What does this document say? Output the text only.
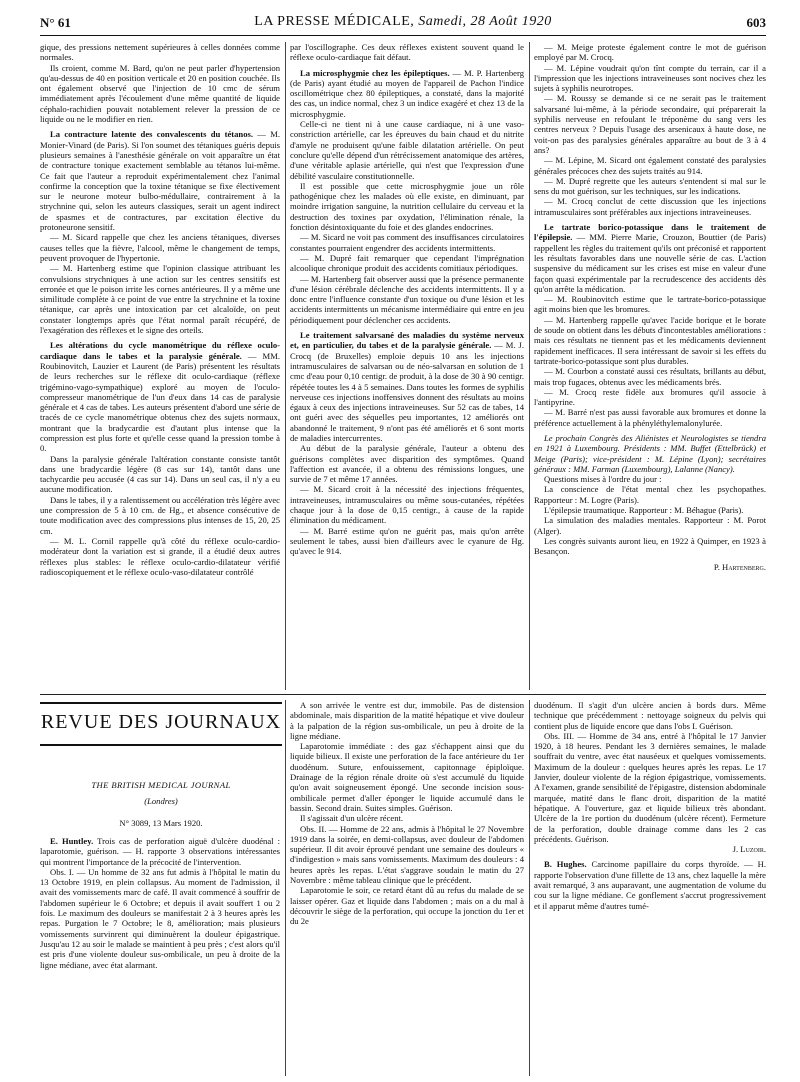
N° 61	LA PRESSE MÉDICALE, Samedi, 28 Août 1920	603

gique, des pressions nettement supérieures à celles données comme normales.

Ils croient, comme M. Bard, qu'on ne peut parler d'hypertension qu'au-dessus de 40 en position verticale et 20 en position couchée. Ils ont également observé que l'injection de 10 cmc de sérum immédiatement après l'écoulement d'une même quantité de liquide céphalo-rachidien pouvait notablement relever la pression de ce liquide ou ne le modifier en rien.

La contracture latente des convalescents du tétanos. — M. Monier-Vinard (de Paris). Si l'on soumet des tétaniques guéris depuis plusieurs semaines à l'anesthésie générale on voit apparaître un état de contracture tonique exactement semblable au tétanos lui-même. Ce fait que l'auteur a reproduit expérimentalement chez l'animal confirme la conception que la toxine tétanique se fixe électivement sur le neurone moteur bulbo-médullaire, contrairement à la strychnine qui, selon les auteurs classiques, serait un agent indirect de spasmes et de contractures, par excitation élective du protoneurone sensitif.

— M. Sicard rappelle que chez les anciens tétaniques, diverses causes telles que la fièvre, l'alcool, même le changement de temps, peuvent provoquer de l'hypertonie.

— M. Hartenberg estime que l'opinion classique attribuant les convulsions strychniques à une action sur les centres sensitifs est erronée et que le poison irrite les cornes antérieures. Il y a même une similitude complète à ce point de vue entre la strychnine et la toxine tétanique, car après une intoxication par cet alcaloïde, on peut constater longtemps après que l'état normal paraît récupéré, de l'exagération des réflexes et le signe des orteils.

Les altérations du cycle manométrique du réflexe oculo-cardiaque dans le tabes et la paralysie générale. — MM. Roubinovitch, Lauzier et Laurent (de Paris) présentent les résultats de leurs recherches sur le réflexe dit oculo-cardiaque (réflexe trigémino-vago-sympathique) exploré au moyen de l'oculo-compresseur manométrique de l'un d'eux dans 14 cas de paralysie générale et 4 cas de tabes. Les auteurs présentent d'abord une série de tracés de ce cycle manométrique obtenus chez des sujets normaux, montrant que la bradycardie est d'autant plus intense que la compression est plus forte et qu'elle cesse quand la pression tombe à 0.

Dans la paralysie générale l'altération constante consiste tantôt dans une bradycardie légère (8 cas sur 14), tantôt dans une tachycardie peu accusée (4 cas sur 14). Dans un seul cas, il n'y a eu aucune modification.

Dans le tabes, il y a ralentissement ou accélération très légère avec une compression de 5 à 10 cm. de Hg., et absence consécutive de toute modification avec des compressions plus intenses de 15, 20, 25 cm.

— M. L. Cornil rappelle qu'à côté du réflexe oculo-cardio-modérateur dont la variation est si grande, il a étudié deux autres réflexes plus stables: le réflexe oculo-cardio-dilatateur vérifié radioscopiquement et le réflexe oculo-vaso-dilatateur contrôlé

par l'oscillographe. Ces deux réflexes existent souvent quand le réflexe oculo-cardiaque fait défaut.

La microsphygmie chez les épileptiques. — M. P. Hartenberg (de Paris) ayant étudié au moyen de l'appareil de Pachon l'indice oscillométrique chez 80 épileptiques, a constaté, dans la majorité des cas, un indice normal, chez 3 un indice exagéré et chez 13 de la microsphygmie.

Celle-ci ne tient ni à une cause cardiaque, ni à une vaso-constriction artérielle, car les épreuves du bain chaud et du nitrite d'amyle ne produisent qu'une faible dilatation artérielle. On peut conclure qu'elle dépend d'un rétrécissement anatomique des artères, d'une véritable aplasie artérielle, qui n'est que l'expression d'une débilité vasculaire constitutionnelle.

Il est possible que cette microsphygmie joue un rôle pathogénique chez les malades où elle existe, en diminuant, par moindre irrigation sanguine, la nutrition cellulaire du cerveau et la destruction des toxines par oxydation, l'élimination rénale, la fonction désintoxiquante du foie et des glandes endocrines.

— M. Sicard ne voit pas comment des insuffisances circulatoires constantes pourraient engendrer des accidents intermittents.

— M. Dupré fait remarquer que cependant l'imprégnation alcoolique chronique produit des accidents comitiaux périodiques.

— M. Hartenberg fait observer aussi que la présence permanente d'une lésion cérébrale déclenche des accidents intermittents. Il y a donc entre l'influence constante d'un toxique ou d'une lésion et les accidents intermittents un mécanisme intermédiaire qui entre en jeu périodiquement pour déclencher ces accidents.

Le traitement salvarsané des maladies du système nerveux et, en particulier, du tabes et de la paralysie générale. — M. J. Crocq (de Bruxelles) emploie depuis 10 ans les injections intramusculaires de salvarsan ou de néo-salvarsan en solution de 1 cmc d'eau pour 0,10 centigr. de produit, à la dose de 30 à 90 centigr. répétée toutes les 4 à 5 semaines. Dans toutes les formes de syphilis nerveuse ces injections inoffensives donnent des résultats au moins égaux à ceux des injections intraveineuses. Sur 52 cas de tabes, 14 ont guéri avec des séquelles peu importantes, 12 améliorés ont abandonné le traitement, 9 n'ont pas été améliorés et 6 sont morts de maladies intercurrentes.

Au début de la paralysie générale, l'auteur a obtenu des guérisons complètes avec disparition des symptômes. Quand l'affection est avancée, il a obtenu des rémissions longues, une survie de 7 et même 17 années.

— M. Sicard croit à la nécessité des injections fréquentes, intraveineuses, intramusculaires ou même sous-cutanées, répétées chaque jour à la dose de 0,15 centigr., à cause de la rapide élimination du médicament.

— M. Barré estime qu'on ne guérit pas, mais qu'on arrête seulement le tabes, aussi bien d'ailleurs avec le cyanure de Hg. qu'avec le 914.

— M. Meige proteste également contre le mot de guérison employé par M. Crocq.

— M. Lépine voudrait qu'on tînt compte du terrain, car il a l'impression que les injections intraveineuses sont nocives chez les sujets à syphilis neurotropes.

— M. Roussy se demande si ce ne serait pas le traitement salvarsané lui-même, à la période secondaire, qui préparerait la syphilis nerveuse en refoulant le tréponème du sang vers les centres nerveux ? Depuis l'usage des arsenicaux à haute dose, ne voit-on pas des paralysies générales apparaître au bout de 3 à 4 ans?

— M. Lépine, M. Sicard ont également constaté des paralysies générales précoces chez des sujets traités au 914.

— M. Dupré regrette que les auteurs s'entendent si mal sur le sens du mot guérison, sur les techniques, sur les indications.

— M. Crocq conclut de cette discussion que les injections intramusculaires sont préférables aux injections intraveineuses.

Le tartrate borico-potassique dans le traitement de l'épilepsie. — MM. Pierre Marie, Crouzon, Bouttier (de Paris) rappellent les règles du traitement qu'ils ont préconisé et rapportent les résultats favorables dans une nouvelle série de cas. L'action suspensive du médicament sur les crises est mise en valeur d'une façon quasi expérimentale par la recrudescence des accidents dès qu'on arrête la médication.

— M. Roubinovitch estime que le tartrate-borico-potassique agit moins bien que les bromures.

— M. Hartenberg rappelle qu'avec l'acide borique et le borate de soude on obtient dans les débuts d'incontestables améliorations : mais ces résultats ne tiennent pas et les médicaments deviennent rapidement inefficaces. Il sera intéressant de savoir si les effets du tartrate-borico-potassique sont plus durables.

— M. Courbon a constaté aussi ces résultats, brillants au début, mais trop fugaces, obtenus avec les médicaments brés.

— M. Crocq reste fidèle aux bromures qu'il associe à l'antipyrine.

— M. Barré n'est pas aussi favorable aux bromures et donne la préférence actuellement à la phényléthylemalonylurée.

Le prochain Congrès des Aliénistes et Neurologistes se tiendra en 1921 à Luxembourg. Présidents : MM. Buffet (Ettelbrück) et Meige (Paris); vice-président : M. Lépine (Lyon); secrétaires généraux : MM. Farman (Luxembourg), Lalanne (Nancy).

Questions mises à l'ordre du jour :

La conscience de l'état mental chez les psychopathes. Rapporteur : M. Logre (Paris).

L'épilepsie traumatique. Rapporteur : M. Béhague (Paris).

La simulation des maladies mentales. Rapporteur : M. Porot (Alger).

Les congrès suivants auront lieu, en 1922 à Quimper, en 1923 à Besançon.

P. Hartenberg.

REVUE DES JOURNAUX
THE BRITISH MEDICAL JOURNAL
(Londres)
N° 3089, 13 Mars 1920.

E. Huntley. Trois cas de perforation aiguë d'ulcère duodénal : laparotomie, guérison. — H. rapporte 3 observations intéressantes qui montrent l'importance de la précocité de l'intervention.

Obs. I. — Un homme de 32 ans fut admis à l'hôpital le matin du 13 Octobre 1919, en plein collapsus. Au moment de l'admission, il avait des vomissements marc de café. Il avait commencé à souffrir de l'abdomen supérieur le 6 Octobre; et depuis il avait souffert 1 ou 2 fois. Le maximum des douleurs se manifestait 2 à 3 heures après les repas. Purgation le 7 Octobre; le 8, amélioration; mais plusieurs vomissements survinrent qui diminuèrent la douleur épigastrique. Jusqu'au 12 au soir le malade se maintient à peu près ; c'est alors qu'il est pris d'une violente douleur sus-ombilicale, un peu à droite de la ligne médiane, avec état alarmant.

A son arrivée le ventre est dur, immobile. Pas de distension abdominale, mais disparition de la matité hépatique et vive douleur à la palpation de la région sus-ombilicale, un peu à droite de la ligne médiane.

Laparotomie immédiate : des gaz s'échappent ainsi que du liquide bilieux. Il existe une perforation de la face antérieure du 1er duodénum. Suture, enfouissement, capitonnage épiploïque. Drainage de la région rénale droite où s'est accumulé du liquide qu'on avait soigneusement épongé. Une seconde incision sous-ombilicale permet d'aller éponger le liquide accumulé dans le bassin. Second drain. Suites simples. Guérison.

Il s'agissait d'un ulcère récent.

Obs. II. — Homme de 22 ans, admis à l'hôpital le 27 Novembre 1919 dans la soirée, en demi-collapsus, avec douleur de l'abdomen supérieur. Il dit avoir éprouvé pendant une semaine des douleurs « d'indigestion » mais sans vomissements. Maximum des douleurs : 4 heures après les repas. L'état s'aggrave soudain le matin du 27 Novembre : même tableau clinique que le précédent.

Laparotomie le soir, ce retard étant dû au refus du malade de se laisser opérer. Gaz et liquide dans l'abdomen ; mais on a du mal à découvrir le siège de la perforation, qui occupe la jonction du 1er et du 2e

duodénum. Il s'agit d'un ulcère ancien à bords durs. Même technique que précédemment : nettoyage soigneux du pelvis qui contient plus de liquide encore que dans l'obs I. Guérison.

Obs. III. — Homme de 34 ans, entré à l'hôpital le 17 Janvier 1920, à 18 heures. Pendant les 3 dernières semaines, le malade souffrait du ventre, avec état nauséeux et quelques vomissements. Maximum de la douleur : quelques heures après les repas. Le 17 Janvier, douleur violente de la région épigastrique, vomissements. A l'examen, grande sensibilité de l'épigastre, distension abdominale marquée, matité dans le flanc droit, disparition de la matité hépatique. A l'ouverture, gaz et liquide bilieux très abondant. Ulcère de la 1re portion du duodénum (ulcère récent). Fermeture de la perforation, double drainage comme dans les 2 cas précédents. Guérison.

J. Luzoir.

B. Hughes. Carcinome papillaire du corps thyroïde. — H. rapporte l'observation d'une fillette de 13 ans, chez laquelle la mère avait remarqué, 3 ans auparavant, une augmentation de volume du cou sur la ligne médiane. Ce gonflement s'accrut progressivement et il apparut même d'autres tumé-
